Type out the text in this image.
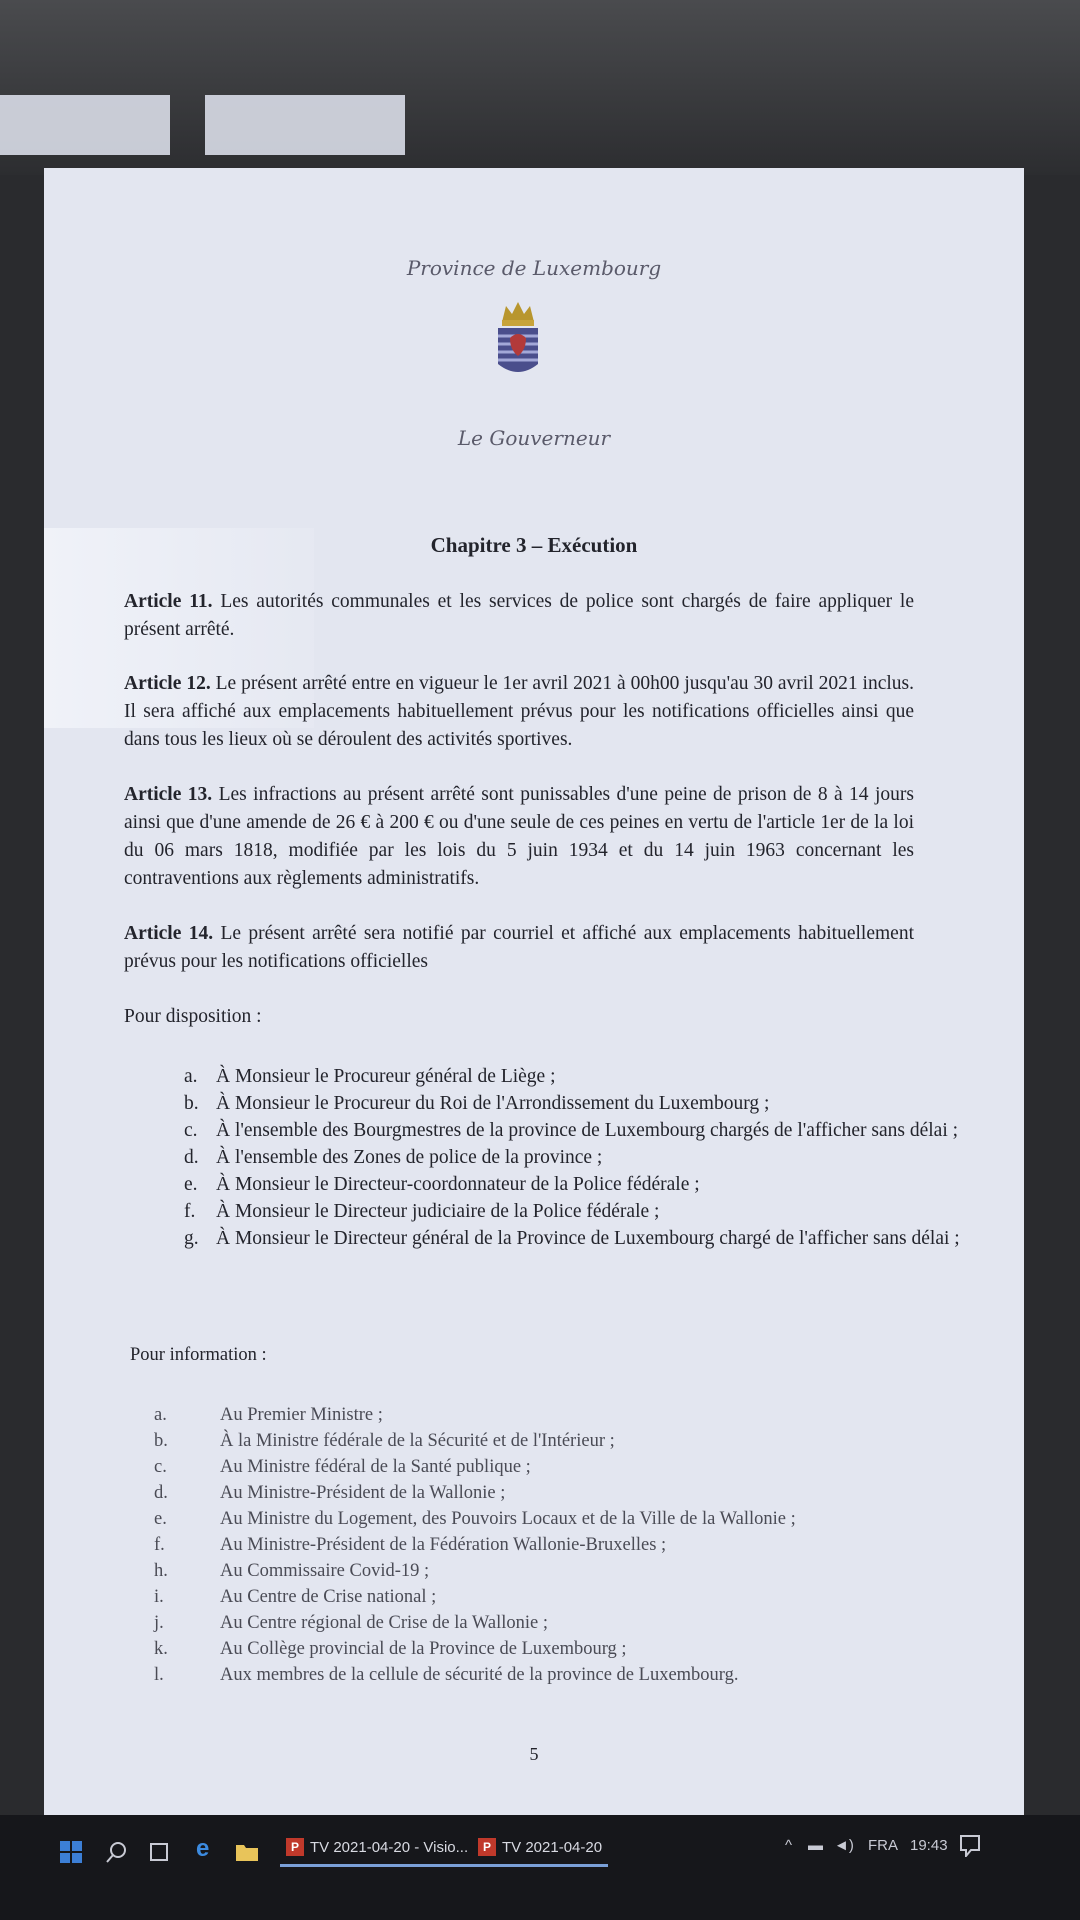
Province de Luxembourg
Le Gouverneur
Chapitre 3 – Exécution
Article 11. Les autorités communales et les services de police sont chargés de faire appliquer le présent arrêté.
Article 12. Le présent arrêté entre en vigueur le 1er avril 2021 à 00h00 jusqu'au 30 avril 2021 inclus. Il sera affiché aux emplacements habituellement prévus pour les notifications officielles ainsi que dans tous les lieux où se déroulent des activités sportives.
Article 13. Les infractions au présent arrêté sont punissables d'une peine de prison de 8 à 14 jours ainsi que d'une amende de 26 € à 200 € ou d'une seule de ces peines en vertu de l'article 1er de la loi du 06 mars 1818, modifiée par les lois du 5 juin 1934 et du 14 juin 1963 concernant les contraventions aux règlements administratifs.
Article 14. Le présent arrêté sera notifié par courriel et affiché aux emplacements habituellement prévus pour les notifications officielles
Pour disposition :
a. À Monsieur le Procureur général de Liège ;
b. À Monsieur le Procureur du Roi de l'Arrondissement du Luxembourg ;
c. À l'ensemble des Bourgmestres de la province de Luxembourg chargés de l'afficher sans délai ;
d. À l'ensemble des Zones de police de la province ;
e. À Monsieur le Directeur-coordonnateur de la Police fédérale ;
f.	À Monsieur le Directeur judiciaire de la Police fédérale ;
g. À Monsieur le Directeur général de la Province de Luxembourg chargé de l'afficher sans délai ;
Pour information :
a.	Au Premier Ministre ;
b.	À la Ministre fédérale de la Sécurité et de l'Intérieur ;
c.	Au Ministre fédéral de la Santé publique ;
d.	Au Ministre-Président de la Wallonie ;
e.	Au Ministre du Logement, des Pouvoirs Locaux et de la Ville de la Wallonie ;
f.	Au Ministre-Président de la Fédération Wallonie-Bruxelles ;
h.	Au Commissaire Covid-19 ;
i.	Au Centre de Crise national ;
j.	Au Centre régional de Crise de la Wallonie ;
k.	Au Collège provincial de la Province de Luxembourg ;
l.	Aux membres de la cellule de sécurité de la province de Luxembourg.
5
e	P TV 2021-04-20 - Visio...	P TV 2021-04-20	^ ▬ ◄) FRA 19:43
